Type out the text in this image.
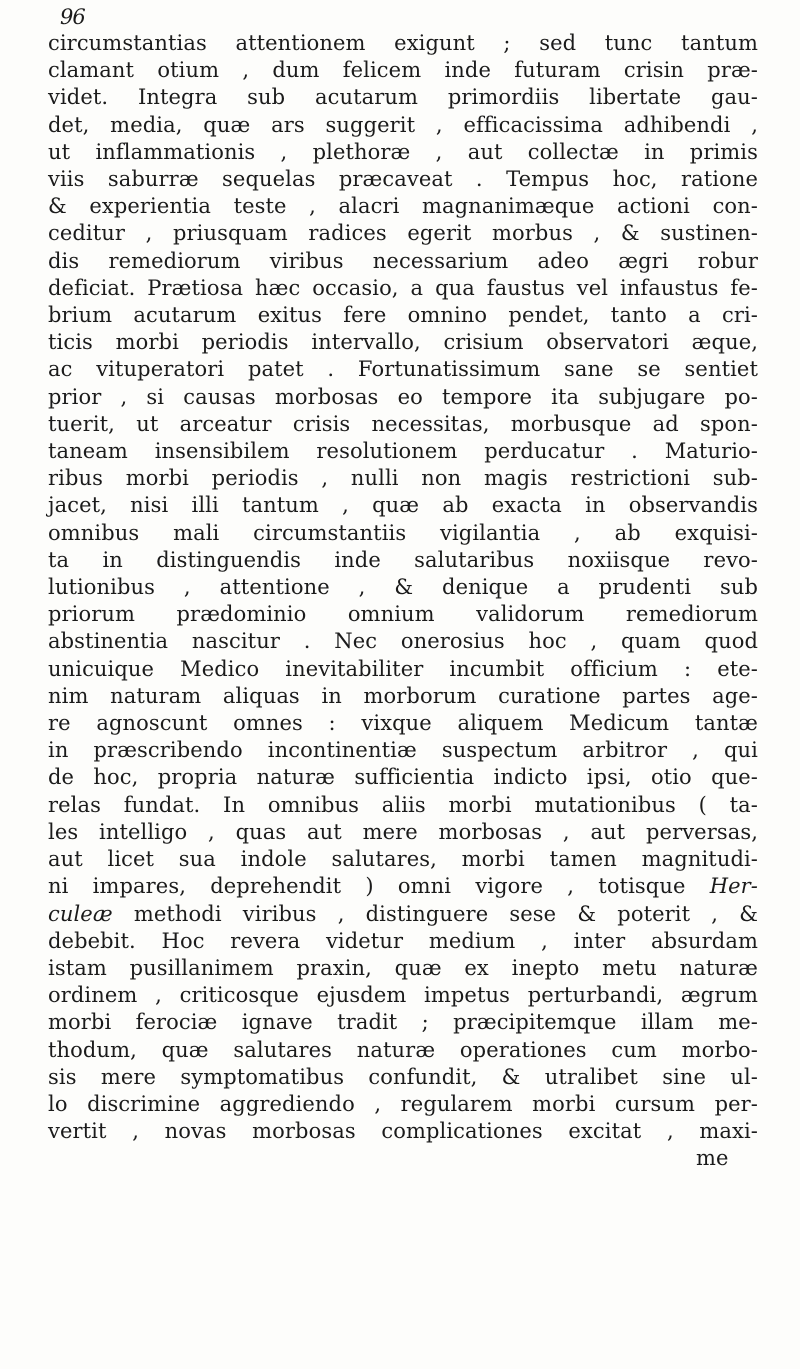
96
circumstantias attentionem exigunt ; sed tunc tantum
clamant otium , dum felicem inde futuram crisin præ-
videt. Integra sub acutarum primordiis libertate gau-
det, media, quæ ars suggerit , efficacissima adhibendi ,
ut inflammationis , plethoræ , aut collectæ in primis
viis saburræ sequelas præcaveat . Tempus hoc, ratione
& experientia teste , alacri magnanimæque actioni con-
ceditur , priusquam radices egerit morbus , & sustinen-
dis remediorum viribus necessarium adeo ægri robur
deficiat. Prætiosa hæc occasio, a qua faustus vel infaustus fe-
brium acutarum exitus fere omnino pendet, tanto a cri-
ticis morbi periodis intervallo, crisium observatori æque,
ac vituperatori patet . Fortunatissimum sane se sentiet
prior , si causas morbosas eo tempore ita subjugare po-
tuerit, ut arceatur crisis necessitas, morbusque ad spon-
taneam insensibilem resolutionem perducatur . Maturio-
ribus morbi periodis , nulli non magis restrictioni sub-
jacet, nisi illi tantum , quæ ab exacta in observandis
omnibus mali circumstantiis vigilantia , ab exquisi-
ta in distinguendis inde salutaribus noxiisque revo-
lutionibus , attentione , & denique a prudenti sub
priorum prædominio omnium validorum remediorum
abstinentia nascitur . Nec onerosius hoc , quam quod
unicuique Medico inevitabiliter incumbit officium : ete-
nim naturam aliquas in morborum curatione partes age-
re agnoscunt omnes : vixque aliquem Medicum tantæ
in præscribendo incontinentiæ suspectum arbitror , qui
de hoc, propria naturæ sufficientia indicto ipsi, otio que-
relas fundat. In omnibus aliis morbi mutationibus ( ta-
les intelligo , quas aut mere morbosas , aut perversas,
aut licet sua indole salutares, morbi tamen magnitudi-
ni impares, deprehendit ) omni vigore , totisque Her-
culeæ methodi viribus , distinguere sese & poterit , &
debebit. Hoc revera videtur medium , inter absurdam
istam pusillanimem praxin, quæ ex inepto metu naturæ
ordinem , criticosque ejusdem impetus perturbandi, ægrum
morbi ferociæ ignave tradit ; præcipitemque illam me-
thodum, quæ salutares naturæ operationes cum morbo-
sis mere symptomatibus confundit, & utralibet sine ul-
lo discrimine aggrediendo , regularem morbi cursum per-
vertit , novas morbosas complicationes excitat , maxi-
me
